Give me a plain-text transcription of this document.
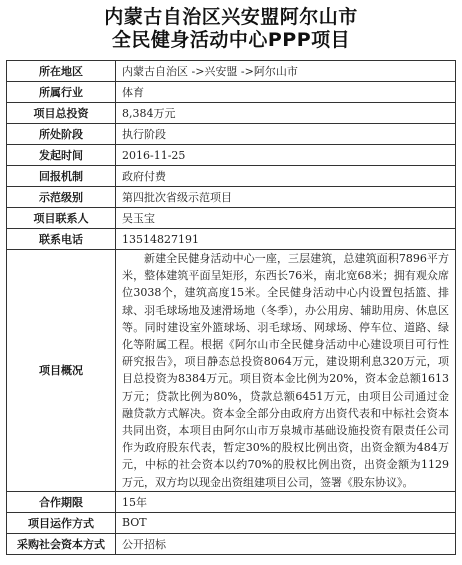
内蒙古自治区兴安盟阿尔山市
全民健身活动中心PPP项目
所在地区	内蒙古自治区 ->兴安盟 ->阿尔山市
所属行业	体育
项目总投资	8,384万元
所处阶段	执行阶段
发起时间	2016-11-25
回报机制	政府付费
示范级别	第四批次省级示范项目
项目联系人	吴玉宝
联系电话	13514827191
项目概况	新建全民健身活动中心一座，三层建筑，总建筑面积7896平方米，整体建筑平面呈矩形，东西长76米，南北宽68米；拥有观众席位3038个，建筑高度15米。全民健身活动中心内设置包括篮、排球、羽毛球场地及速滑场地（冬季），办公用房、辅助用房、休息区等。同时建设室外篮球场、羽毛球场、网球场、停车位、道路、绿化等附属工程。根据《阿尔山市全民健身活动中心建设项目可行性研究报告》，项目静态总投资8064万元，建设期利息320万元，项目总投资为8384万元。项目资本金比例为20%，资本金总额1613万元；贷款比例为80%，贷款总额6451万元，由项目公司通过金融贷款方式解决。资本金全部分由政府方出资代表和中标社会资本共同出资，本项目由阿尔山市万泉城市基础设施投资有限责任公司作为政府股东代表，暂定30%的股权比例出资，出资金额为484万元，中标的社会资本以约70%的股权比例出资，出资金额为1129万元，双方均以现金出资组建项目公司，签署《股东协议》。
合作期限	15年
项目运作方式	BOT
采购社会资本方式	公开招标
